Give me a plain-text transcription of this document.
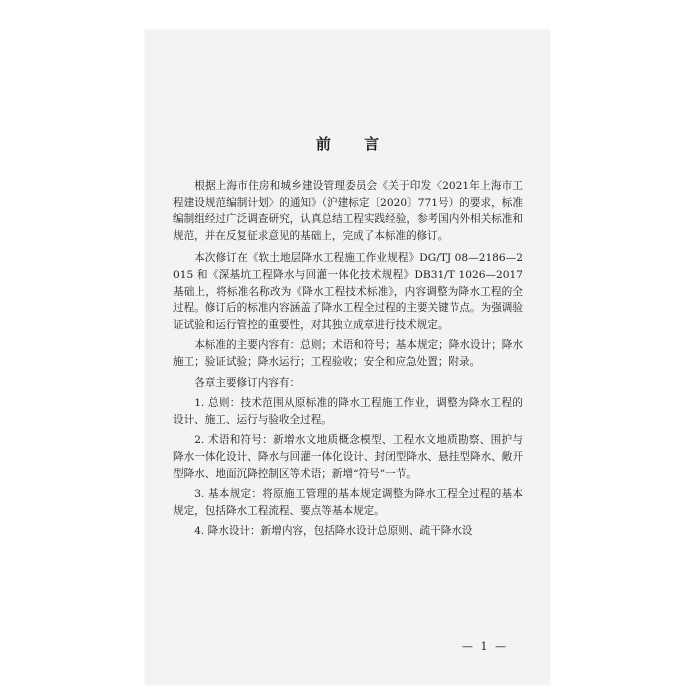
前 言

根据上海市住房和城乡建设管理委员会《关于印发〈2021年上海市工程建设规范编制计划〉的通知》（沪建标定〔2020〕771号）的要求，标准编制组经过广泛调查研究，认真总结工程实践经验，参考国内外相关标准和规范，并在反复征求意见的基础上，完成了本标准的修订。

本次修订在《软土地层降水工程施工作业规程》DG/TJ 08—2186—2015 和《深基坑工程降水与回灌一体化技术规程》DB31/T 1026—2017 基础上，将标准名称改为《降水工程技术标准》，内容调整为降水工程的全过程。修订后的标准内容涵盖了降水工程全过程的主要关键节点。为强调验证试验和运行管控的重要性，对其独立成章进行技术规定。

本标准的主要内容有：总则；术语和符号；基本规定；降水设计；降水施工；验证试验；降水运行；工程验收；安全和应急处置；附录。

各章主要修订内容有：

1. 总则：技术范围从原标准的降水工程施工作业，调整为降水工程的设计、施工、运行与验收全过程。

2. 术语和符号：新增水文地质概念模型、工程水文地质勘察、围护与降水一体化设计、降水与回灌一体化设计、封闭型降水、悬挂型降水、敞开型降水、地面沉降控制区等术语；新增“符号”一节。

3. 基本规定：将原施工管理的基本规定调整为降水工程全过程的基本规定，包括降水工程流程、要点等基本规定。

4. 降水设计：新增内容，包括降水设计总原则、疏干降水设

— 1 —
